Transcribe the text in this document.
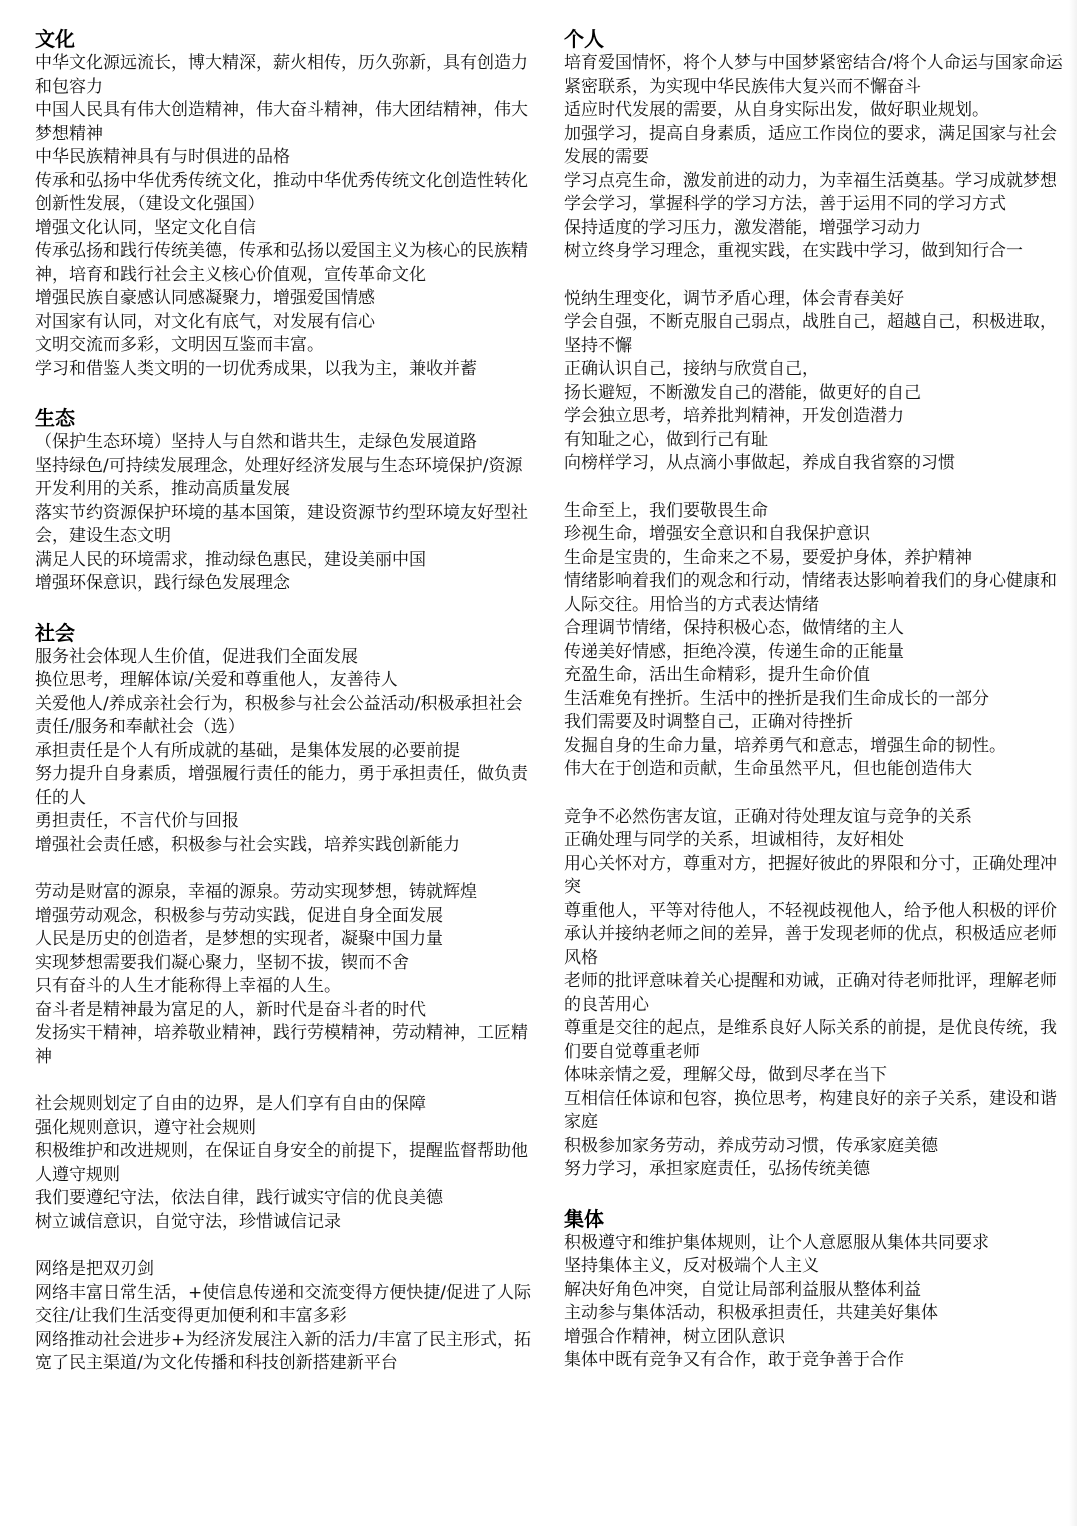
文化

中华文化源远流长，博大精深，薪火相传，历久弥新，具有创造力和包容力

中国人民具有伟大创造精神，伟大奋斗精神，伟大团结精神，伟大梦想精神

中华民族精神具有与时俱进的品格

传承和弘扬中华优秀传统文化，推动中华优秀传统文化创造性转化创新性发展，（建设文化强国）

增强文化认同，坚定文化自信

传承弘扬和践行传统美德，传承和弘扬以爱国主义为核心的民族精神，培育和践行社会主义核心价值观，宣传革命文化

增强民族自豪感认同感凝聚力，增强爱国情感

对国家有认同，对文化有底气，对发展有信心

文明交流而多彩，文明因互鉴而丰富。

学习和借鉴人类文明的一切优秀成果，以我为主，兼收并蓄

生态

（保护生态环境）坚持人与自然和谐共生，走绿色发展道路

坚持绿色/可持续发展理念，处理好经济发展与生态环境保护/资源开发利用的关系，推动高质量发展

落实节约资源保护环境的基本国策，建设资源节约型环境友好型社会，建设生态文明

满足人民的环境需求，推动绿色惠民，建设美丽中国

增强环保意识，践行绿色发展理念

社会

服务社会体现人生价值，促进我们全面发展

换位思考，理解体谅/关爱和尊重他人，友善待人

关爱他人/养成亲社会行为，积极参与社会公益活动/积极承担社会责任/服务和奉献社会（选）

承担责任是个人有所成就的基础，是集体发展的必要前提

努力提升自身素质，增强履行责任的能力，勇于承担责任，做负责任的人

勇担责任，不言代价与回报

增强社会责任感，积极参与社会实践，培养实践创新能力

劳动是财富的源泉，幸福的源泉。劳动实现梦想，铸就辉煌

增强劳动观念，积极参与劳动实践，促进自身全面发展

人民是历史的创造者，是梦想的实现者，凝聚中国力量

实现梦想需要我们凝心聚力，坚韧不拔，锲而不舍

只有奋斗的人生才能称得上幸福的人生。

奋斗者是精神最为富足的人，新时代是奋斗者的时代

发扬实干精神，培养敬业精神，践行劳模精神，劳动精神，工匠精神

社会规则划定了自由的边界，是人们享有自由的保障

强化规则意识，遵守社会规则

积极维护和改进规则，在保证自身安全的前提下，提醒监督帮助他人遵守规则

我们要遵纪守法，依法自律，践行诚实守信的优良美德

树立诚信意识，自觉守法，珍惜诚信记录

网络是把双刃剑

网络丰富日常生活，+使信息传递和交流变得方便快捷/促进了人际交往/让我们生活变得更加便利和丰富多彩

网络推动社会进步+为经济发展注入新的活力/丰富了民主形式，拓宽了民主渠道/为文化传播和科技创新搭建新平台

个人

培育爱国情怀，将个人梦与中国梦紧密结合/将个人命运与国家命运紧密联系，为实现中华民族伟大复兴而不懈奋斗

适应时代发展的需要，从自身实际出发，做好职业规划。

加强学习，提高自身素质，适应工作岗位的要求，满足国家与社会发展的需要

学习点亮生命，激发前进的动力，为幸福生活奠基。学习成就梦想

学会学习，掌握科学的学习方法，善于运用不同的学习方式

保持适度的学习压力，激发潜能，增强学习动力

树立终身学习理念，重视实践，在实践中学习，做到知行合一

悦纳生理变化，调节矛盾心理，体会青春美好

学会自强，不断克服自己弱点，战胜自己，超越自己，积极进取，坚持不懈

正确认识自己，接纳与欣赏自己，

扬长避短，不断激发自己的潜能，做更好的自己

学会独立思考，培养批判精神，开发创造潜力

有知耻之心，做到行己有耻

向榜样学习，从点滴小事做起，养成自我省察的习惯

生命至上，我们要敬畏生命

珍视生命，增强安全意识和自我保护意识

生命是宝贵的，生命来之不易，要爱护身体，养护精神

情绪影响着我们的观念和行动，情绪表达影响着我们的身心健康和人际交往。用恰当的方式表达情绪

合理调节情绪，保持积极心态，做情绪的主人

传递美好情感，拒绝冷漠，传递生命的正能量

充盈生命，活出生命精彩，提升生命价值

生活难免有挫折。生活中的挫折是我们生命成长的一部分

我们需要及时调整自己，正确对待挫折

发掘自身的生命力量，培养勇气和意志，增强生命的韧性。

伟大在于创造和贡献，生命虽然平凡，但也能创造伟大

竞争不必然伤害友谊，正确对待处理友谊与竞争的关系

正确处理与同学的关系，坦诚相待，友好相处

用心关怀对方，尊重对方，把握好彼此的界限和分寸，正确处理冲突

尊重他人，平等对待他人，不轻视歧视他人，给予他人积极的评价

承认并接纳老师之间的差异，善于发现老师的优点，积极适应老师风格

老师的批评意味着关心提醒和劝诫，正确对待老师批评，理解老师的良苦用心

尊重是交往的起点，是维系良好人际关系的前提，是优良传统，我们要自觉尊重老师

体味亲情之爱，理解父母，做到尽孝在当下

互相信任体谅和包容，换位思考，构建良好的亲子关系，建设和谐家庭

积极参加家务劳动，养成劳动习惯，传承家庭美德

努力学习，承担家庭责任，弘扬传统美德

集体

积极遵守和维护集体规则，让个人意愿服从集体共同要求

坚持集体主义，反对极端个人主义

解决好角色冲突，自觉让局部利益服从整体利益

主动参与集体活动，积极承担责任，共建美好集体

增强合作精神，树立团队意识

集体中既有竞争又有合作，敢于竞争善于合作
